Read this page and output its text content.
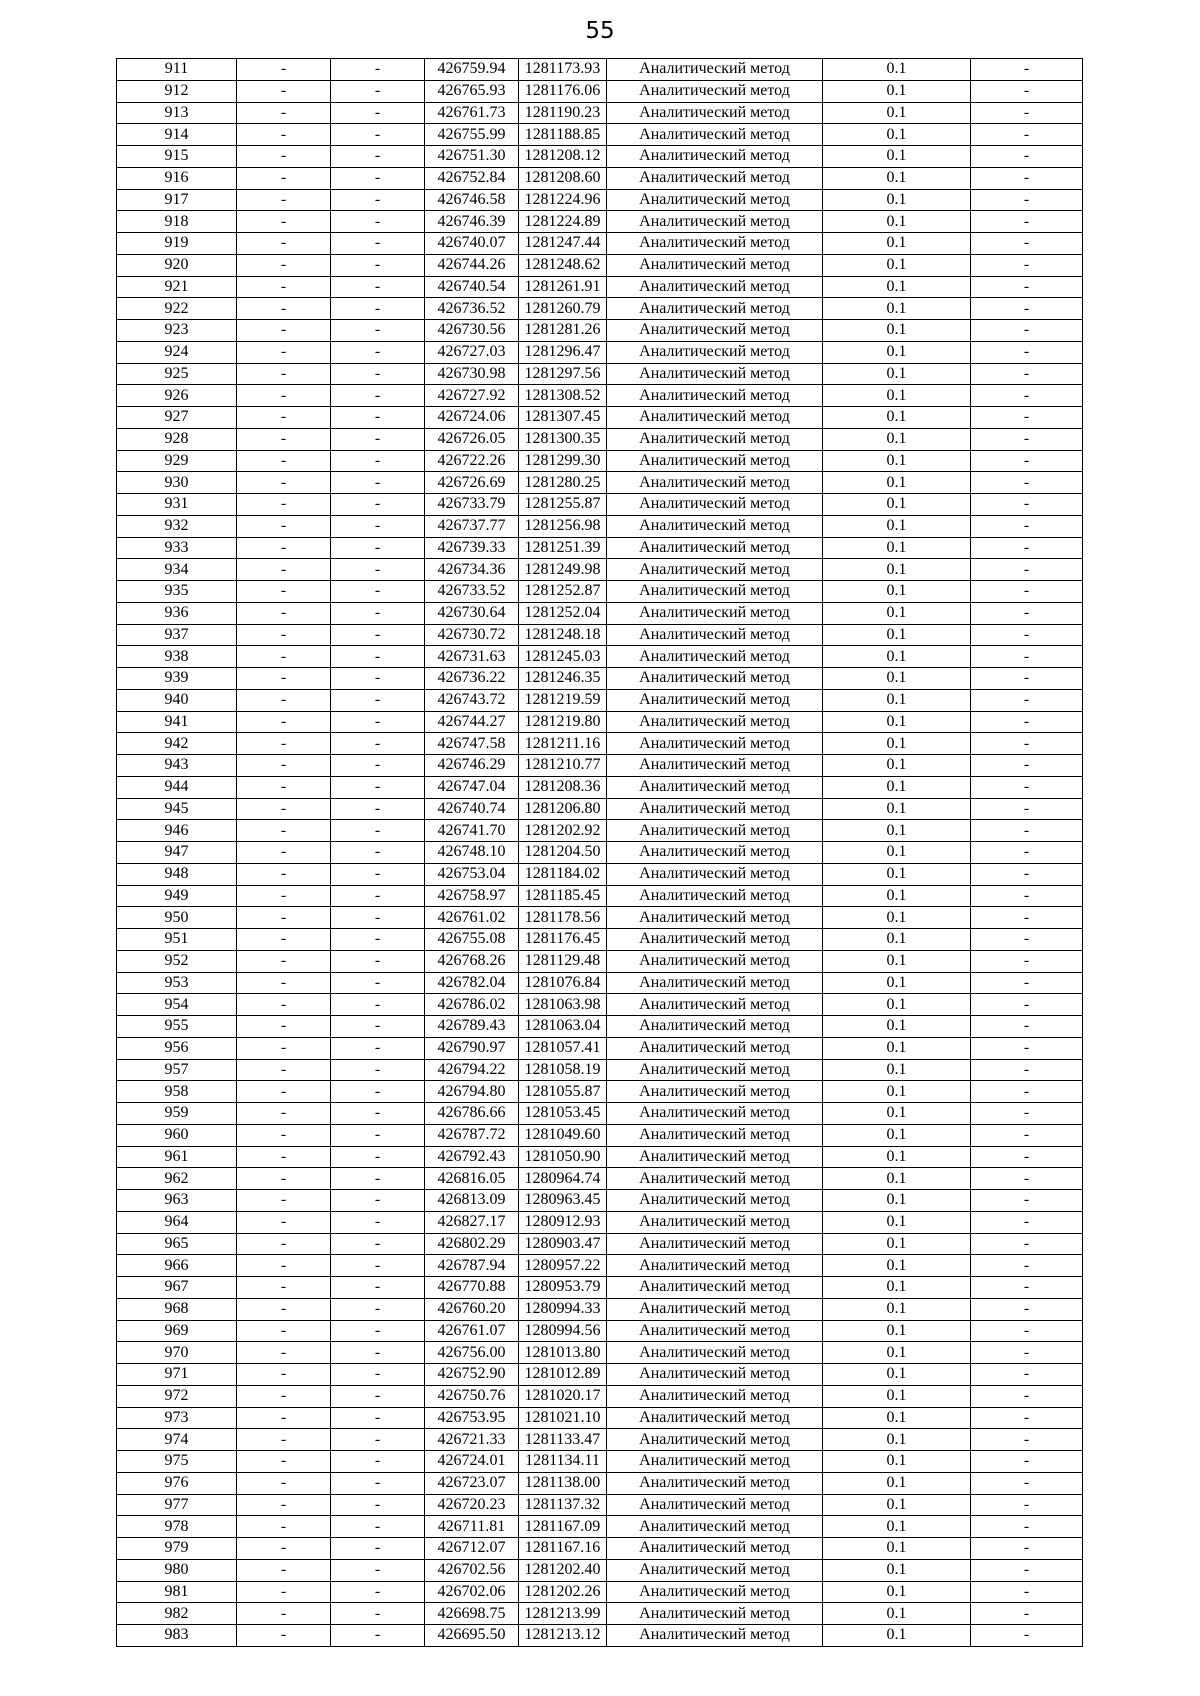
55
911	-	-	426759.94	1281173.93	Аналитический метод	0.1	-
912	-	-	426765.93	1281176.06	Аналитический метод	0.1	-
913	-	-	426761.73	1281190.23	Аналитический метод	0.1	-
914	-	-	426755.99	1281188.85	Аналитический метод	0.1	-
915	-	-	426751.30	1281208.12	Аналитический метод	0.1	-
916	-	-	426752.84	1281208.60	Аналитический метод	0.1	-
917	-	-	426746.58	1281224.96	Аналитический метод	0.1	-
918	-	-	426746.39	1281224.89	Аналитический метод	0.1	-
919	-	-	426740.07	1281247.44	Аналитический метод	0.1	-
920	-	-	426744.26	1281248.62	Аналитический метод	0.1	-
921	-	-	426740.54	1281261.91	Аналитический метод	0.1	-
922	-	-	426736.52	1281260.79	Аналитический метод	0.1	-
923	-	-	426730.56	1281281.26	Аналитический метод	0.1	-
924	-	-	426727.03	1281296.47	Аналитический метод	0.1	-
925	-	-	426730.98	1281297.56	Аналитический метод	0.1	-
926	-	-	426727.92	1281308.52	Аналитический метод	0.1	-
927	-	-	426724.06	1281307.45	Аналитический метод	0.1	-
928	-	-	426726.05	1281300.35	Аналитический метод	0.1	-
929	-	-	426722.26	1281299.30	Аналитический метод	0.1	-
930	-	-	426726.69	1281280.25	Аналитический метод	0.1	-
931	-	-	426733.79	1281255.87	Аналитический метод	0.1	-
932	-	-	426737.77	1281256.98	Аналитический метод	0.1	-
933	-	-	426739.33	1281251.39	Аналитический метод	0.1	-
934	-	-	426734.36	1281249.98	Аналитический метод	0.1	-
935	-	-	426733.52	1281252.87	Аналитический метод	0.1	-
936	-	-	426730.64	1281252.04	Аналитический метод	0.1	-
937	-	-	426730.72	1281248.18	Аналитический метод	0.1	-
938	-	-	426731.63	1281245.03	Аналитический метод	0.1	-
939	-	-	426736.22	1281246.35	Аналитический метод	0.1	-
940	-	-	426743.72	1281219.59	Аналитический метод	0.1	-
941	-	-	426744.27	1281219.80	Аналитический метод	0.1	-
942	-	-	426747.58	1281211.16	Аналитический метод	0.1	-
943	-	-	426746.29	1281210.77	Аналитический метод	0.1	-
944	-	-	426747.04	1281208.36	Аналитический метод	0.1	-
945	-	-	426740.74	1281206.80	Аналитический метод	0.1	-
946	-	-	426741.70	1281202.92	Аналитический метод	0.1	-
947	-	-	426748.10	1281204.50	Аналитический метод	0.1	-
948	-	-	426753.04	1281184.02	Аналитический метод	0.1	-
949	-	-	426758.97	1281185.45	Аналитический метод	0.1	-
950	-	-	426761.02	1281178.56	Аналитический метод	0.1	-
951	-	-	426755.08	1281176.45	Аналитический метод	0.1	-
952	-	-	426768.26	1281129.48	Аналитический метод	0.1	-
953	-	-	426782.04	1281076.84	Аналитический метод	0.1	-
954	-	-	426786.02	1281063.98	Аналитический метод	0.1	-
955	-	-	426789.43	1281063.04	Аналитический метод	0.1	-
956	-	-	426790.97	1281057.41	Аналитический метод	0.1	-
957	-	-	426794.22	1281058.19	Аналитический метод	0.1	-
958	-	-	426794.80	1281055.87	Аналитический метод	0.1	-
959	-	-	426786.66	1281053.45	Аналитический метод	0.1	-
960	-	-	426787.72	1281049.60	Аналитический метод	0.1	-
961	-	-	426792.43	1281050.90	Аналитический метод	0.1	-
962	-	-	426816.05	1280964.74	Аналитический метод	0.1	-
963	-	-	426813.09	1280963.45	Аналитический метод	0.1	-
964	-	-	426827.17	1280912.93	Аналитический метод	0.1	-
965	-	-	426802.29	1280903.47	Аналитический метод	0.1	-
966	-	-	426787.94	1280957.22	Аналитический метод	0.1	-
967	-	-	426770.88	1280953.79	Аналитический метод	0.1	-
968	-	-	426760.20	1280994.33	Аналитический метод	0.1	-
969	-	-	426761.07	1280994.56	Аналитический метод	0.1	-
970	-	-	426756.00	1281013.80	Аналитический метод	0.1	-
971	-	-	426752.90	1281012.89	Аналитический метод	0.1	-
972	-	-	426750.76	1281020.17	Аналитический метод	0.1	-
973	-	-	426753.95	1281021.10	Аналитический метод	0.1	-
974	-	-	426721.33	1281133.47	Аналитический метод	0.1	-
975	-	-	426724.01	1281134.11	Аналитический метод	0.1	-
976	-	-	426723.07	1281138.00	Аналитический метод	0.1	-
977	-	-	426720.23	1281137.32	Аналитический метод	0.1	-
978	-	-	426711.81	1281167.09	Аналитический метод	0.1	-
979	-	-	426712.07	1281167.16	Аналитический метод	0.1	-
980	-	-	426702.56	1281202.40	Аналитический метод	0.1	-
981	-	-	426702.06	1281202.26	Аналитический метод	0.1	-
982	-	-	426698.75	1281213.99	Аналитический метод	0.1	-
983	-	-	426695.50	1281213.12	Аналитический метод	0.1	-
